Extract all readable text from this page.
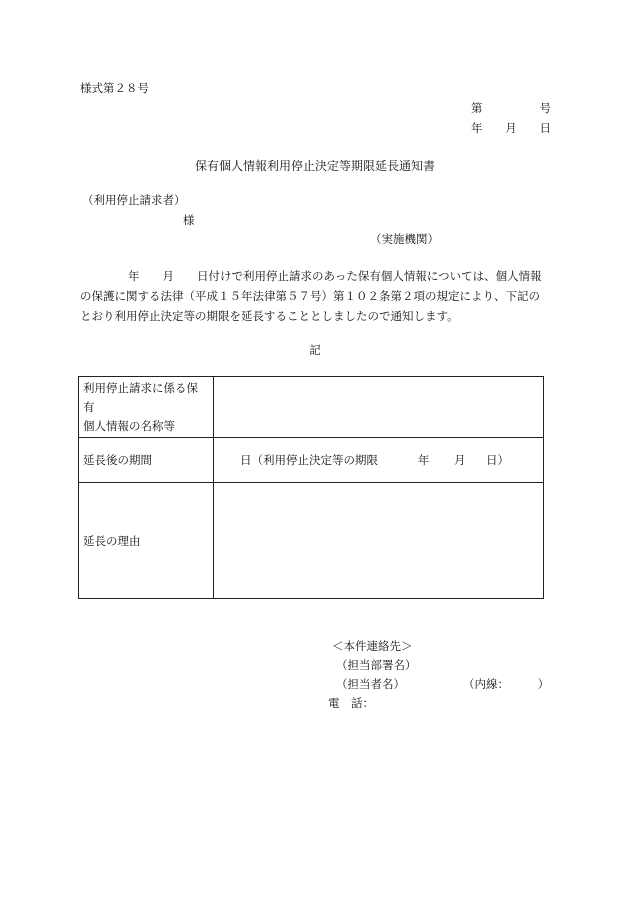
様式第２８号
第	号
年 月 日
保有個人情報利用停止決定等期限延長通知書
（利用停止請求者）
様
（実施機関）
年　　月　　日付けで利用停止請求のあった保有個人情報については、個人情報
の保護に関する法律（平成１５年法律第５７号）第１０２条第２項の規定により、下記の
とおり利用停止決定等の期限を延長することとしましたので通知します。
記
利用停止請求に係る保有
個人情報の名称等	

延長後の期間	日（利用停止決定等の期限 年 月 日）

延長の理由	
＜本件連絡先＞
（担当部署名）
（担当者名）	（内線：　　　）
電　話：
